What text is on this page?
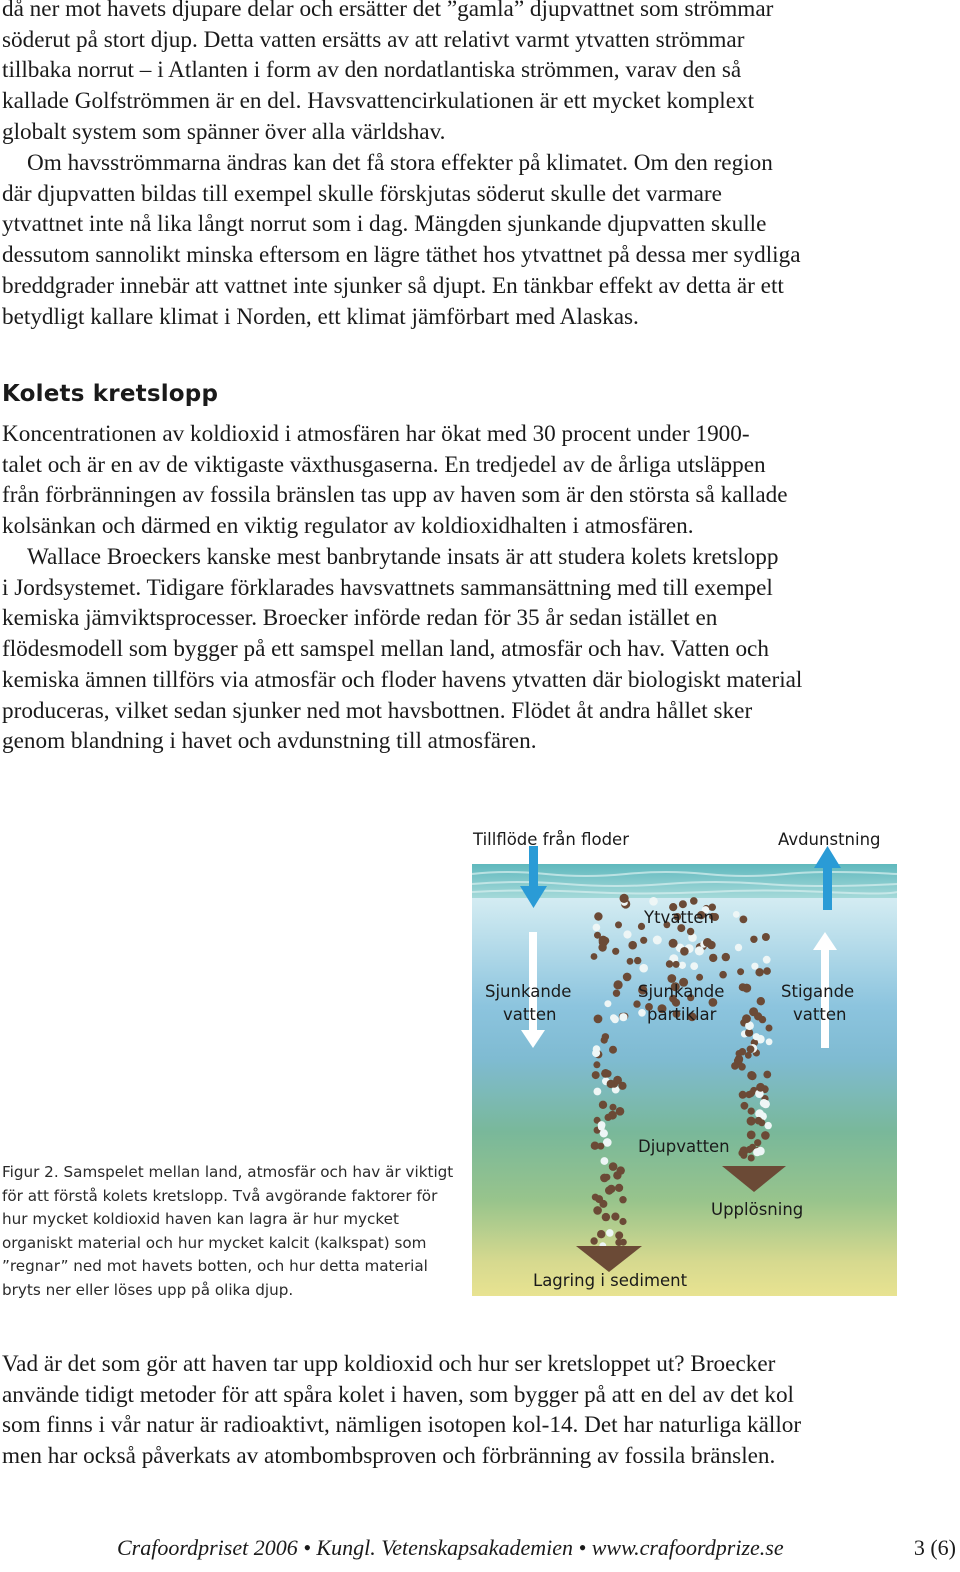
då ner mot havets djupare delar och ersätter det ”gamla” djupvattnet som strömmar
söderut på stort djup. Detta vatten ersätts av att relativt varmt ytvatten strömmar
tillbaka norrut – i Atlanten i form av den nordatlantiska strömmen, varav den så
kallade Golfströmmen är en del. Havsvattencirkulationen är ett mycket komplext
globalt system som spänner över alla världshav.
Om havsströmmarna ändras kan det få stora effekter på klimatet. Om den region
där djupvatten bildas till exempel skulle förskjutas söderut skulle det varmare
ytvattnet inte nå lika långt norrut som i dag. Mängden sjunkande djupvatten skulle
dessutom sannolikt minska eftersom en lägre täthet hos ytvattnet på dessa mer sydliga
breddgrader innebär att vattnet inte sjunker så djupt. En tänkbar effekt av detta är ett
betydligt kallare klimat i Norden, ett klimat jämförbart med Alaskas.
Kolets kretslopp
Koncentrationen av koldioxid i atmosfären har ökat med 30 procent under 1900-
talet och är en av de viktigaste växthusgaserna. En tredjedel av de årliga utsläppen
från förbränningen av fossila bränslen tas upp av haven som är den största så kallade
kolsänkan och därmed en viktig regulator av koldioxidhalten i atmosfären.
Wallace Broeckers kanske mest banbrytande insats är att studera kolets kretslopp
i Jordsystemet. Tidigare förklarades havsvattnets sammansättning med till exempel
kemiska jämviktsprocesser. Broecker införde redan för 35 år sedan istället en
flödesmodell som bygger på ett samspel mellan land, atmosfär och hav. Vatten och
kemiska ämnen tillförs via atmosfär och floder havens ytvatten där biologiskt material
produceras, vilket sedan sjunker ned mot havsbottnen. Flödet åt andra hållet sker
genom blandning i havet och avdunstning till atmosfären.
Figur 2. Samspelet mellan land, atmosfär och hav är viktigt
för att förstå kolets kretslopp. Två avgörande faktorer för
hur mycket koldioxid haven kan lagra är hur mycket
organiskt material och hur mycket kalcit (kalkspat) som
”regnar” ned mot havets botten, och hur detta material
bryts ner eller löses upp på olika djup.
Tillflöde från floder	Avdunstning
Ytvatten
Sjunkande
vatten
Sjunkande
partiklar
Stigande
vatten
Djupvatten
Upplösning
Lagring i sediment
Vad är det som gör att haven tar upp koldioxid och hur ser kretsloppet ut? Broecker
använde tidigt metoder för att spåra kolet i haven, som bygger på att en del av det kol
som finns i vår natur är radioaktivt, nämligen isotopen kol-14. Det har naturliga källor
men har också påverkats av atombombsproven och förbränning av fossila bränslen.
Crafoordpriset 2006 • Kungl. Vetenskapsakademien • www.crafoordprize.se	3 (6)
